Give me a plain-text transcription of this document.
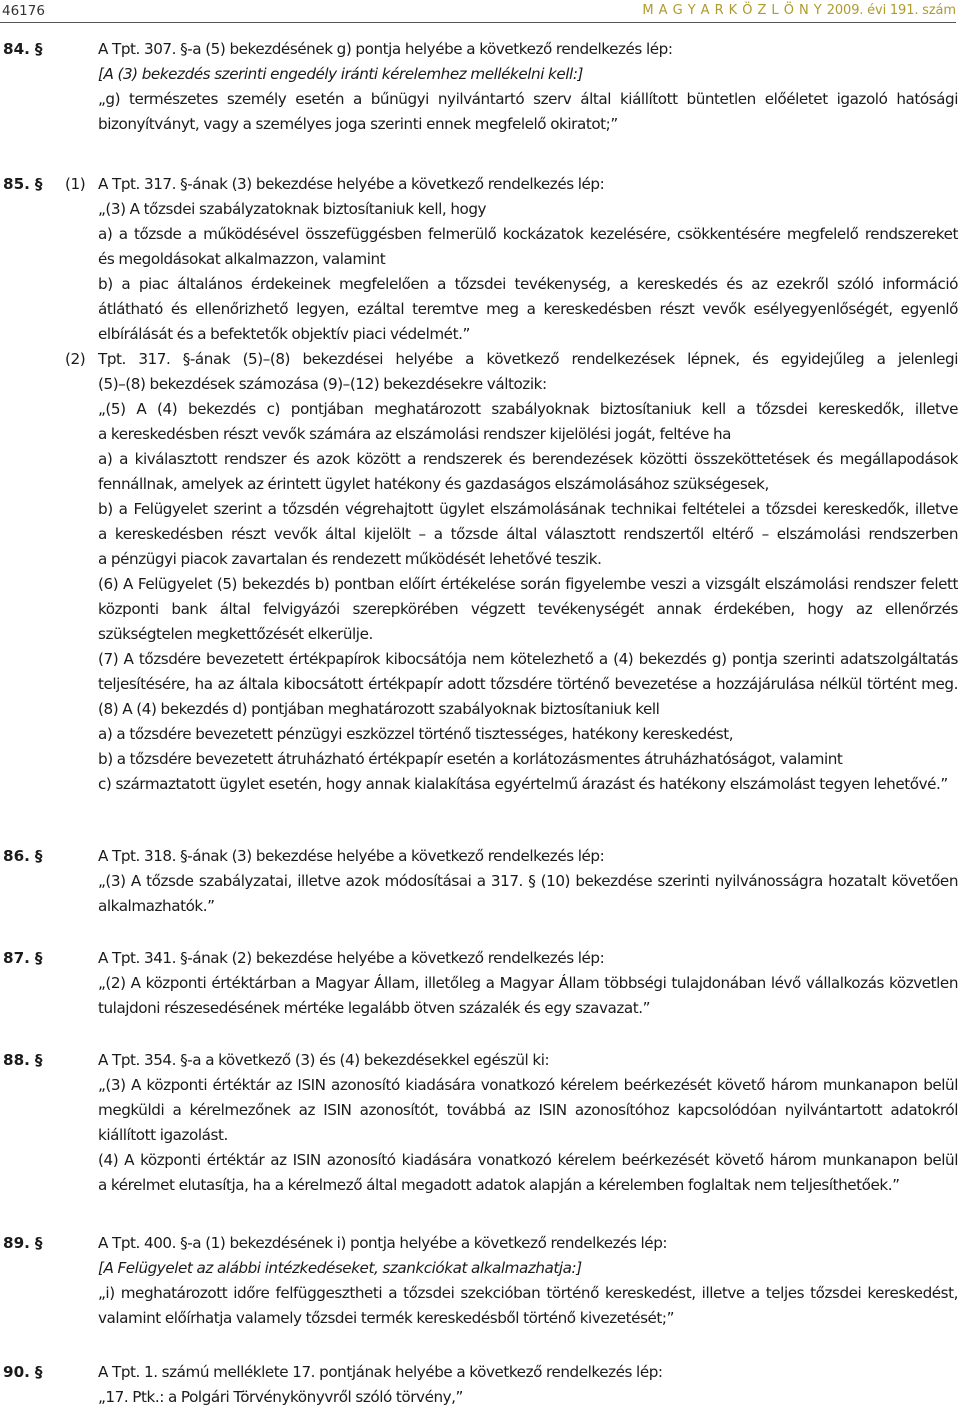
46176	M A G Y A R K Ö Z L Ö N Y 2009. évi 191. szám
84. §	A Tpt. 307. §-a (5) bekezdésének g) pontja helyébe a következő rendelkezés lép:
[A (3) bekezdés szerinti engedély iránti kérelemhez mellékelni kell:]
„g) természetes személy esetén a bűnügyi nyilvántartó szerv által kiállított büntetlen előéletet igazoló hatósági
bizonyítványt, vagy a személyes joga szerinti ennek megfelelő okiratot;”
85. § (1) A Tpt. 317. §-ának (3) bekezdése helyébe a következő rendelkezés lép:
„(3) A tőzsdei szabályzatoknak biztosítaniuk kell, hogy
a) a tőzsde a működésével összefüggésben felmerülő kockázatok kezelésére, csökkentésére megfelelő rendszereket
és megoldásokat alkalmazzon, valamint
b) a piac általános érdekeinek megfelelően a tőzsdei tevékenység, a kereskedés és az ezekről szóló információ
átlátható és ellenőrizhető legyen, ezáltal teremtve meg a kereskedésben részt vevők esélyegyenlőségét, egyenlő
elbírálását és a befektetők objektív piaci védelmét.”
(2) Tpt. 317. §-ának (5)–(8) bekezdései helyébe a következő rendelkezések lépnek, és egyidejűleg a jelenlegi
(5)–(8) bekezdések számozása (9)–(12) bekezdésekre változik:
„(5) A (4) bekezdés c) pontjában meghatározott szabályoknak biztosítaniuk kell a tőzsdei kereskedők, illetve
a kereskedésben részt vevők számára az elszámolási rendszer kijelölési jogát, feltéve ha
a) a kiválasztott rendszer és azok között a rendszerek és berendezések közötti összeköttetések és megállapodások
fennállnak, amelyek az érintett ügylet hatékony és gazdaságos elszámolásához szükségesek,
b) a Felügyelet szerint a tőzsdén végrehajtott ügylet elszámolásának technikai feltételei a tőzsdei kereskedők, illetve
a kereskedésben részt vevők által kijelölt – a tőzsde által választott rendszertől eltérő – elszámolási rendszerben
a pénzügyi piacok zavartalan és rendezett működését lehetővé teszik.
(6) A Felügyelet (5) bekezdés b) pontban előírt értékelése során figyelembe veszi a vizsgált elszámolási rendszer felett
központi bank által felvigyázói szerepkörében végzett tevékenységét annak érdekében, hogy az ellenőrzés
szükségtelen megkettőzését elkerülje.
(7) A tőzsdére bevezetett értékpapírok kibocsátója nem kötelezhető a (4) bekezdés g) pontja szerinti adatszolgáltatás
teljesítésére, ha az általa kibocsátott értékpapír adott tőzsdére történő bevezetése a hozzájárulása nélkül történt meg.
(8) A (4) bekezdés d) pontjában meghatározott szabályoknak biztosítaniuk kell
a) a tőzsdére bevezetett pénzügyi eszközzel történő tisztességes, hatékony kereskedést,
b) a tőzsdére bevezetett átruházható értékpapír esetén a korlátozásmentes átruházhatóságot, valamint
c) származtatott ügylet esetén, hogy annak kialakítása egyértelmű árazást és hatékony elszámolást tegyen lehetővé.”
86. §	A Tpt. 318. §-ának (3) bekezdése helyébe a következő rendelkezés lép:
„(3) A tőzsde szabályzatai, illetve azok módosításai a 317. § (10) bekezdése szerinti nyilvánosságra hozatalt követően
alkalmazhatók.”
87. §	A Tpt. 341. §-ának (2) bekezdése helyébe a következő rendelkezés lép:
„(2) A központi értéktárban a Magyar Állam, illetőleg a Magyar Állam többségi tulajdonában lévő vállalkozás közvetlen
tulajdoni részesedésének mértéke legalább ötven százalék és egy szavazat.”
88. §	A Tpt. 354. §-a a következő (3) és (4) bekezdésekkel egészül ki:
„(3) A központi értéktár az ISIN azonosító kiadására vonatkozó kérelem beérkezését követő három munkanapon belül
megküldi a kérelmezőnek az ISIN azonosítót, továbbá az ISIN azonosítóhoz kapcsolódóan nyilvántartott adatokról
kiállított igazolást.
(4) A központi értéktár az ISIN azonosító kiadására vonatkozó kérelem beérkezését követő három munkanapon belül
a kérelmet elutasítja, ha a kérelmező által megadott adatok alapján a kérelemben foglaltak nem teljesíthetőek.”
89. §	A Tpt. 400. §-a (1) bekezdésének i) pontja helyébe a következő rendelkezés lép:
[A Felügyelet az alábbi intézkedéseket, szankciókat alkalmazhatja:]
„i) meghatározott időre felfüggesztheti a tőzsdei szekcióban történő kereskedést, illetve a teljes tőzsdei kereskedést,
valamint előírhatja valamely tőzsdei termék kereskedésből történő kivezetését;”
90. §	A Tpt. 1. számú melléklete 17. pontjának helyébe a következő rendelkezés lép:
„17. Ptk.: a Polgári Törvénykönyvről szóló törvény,”
